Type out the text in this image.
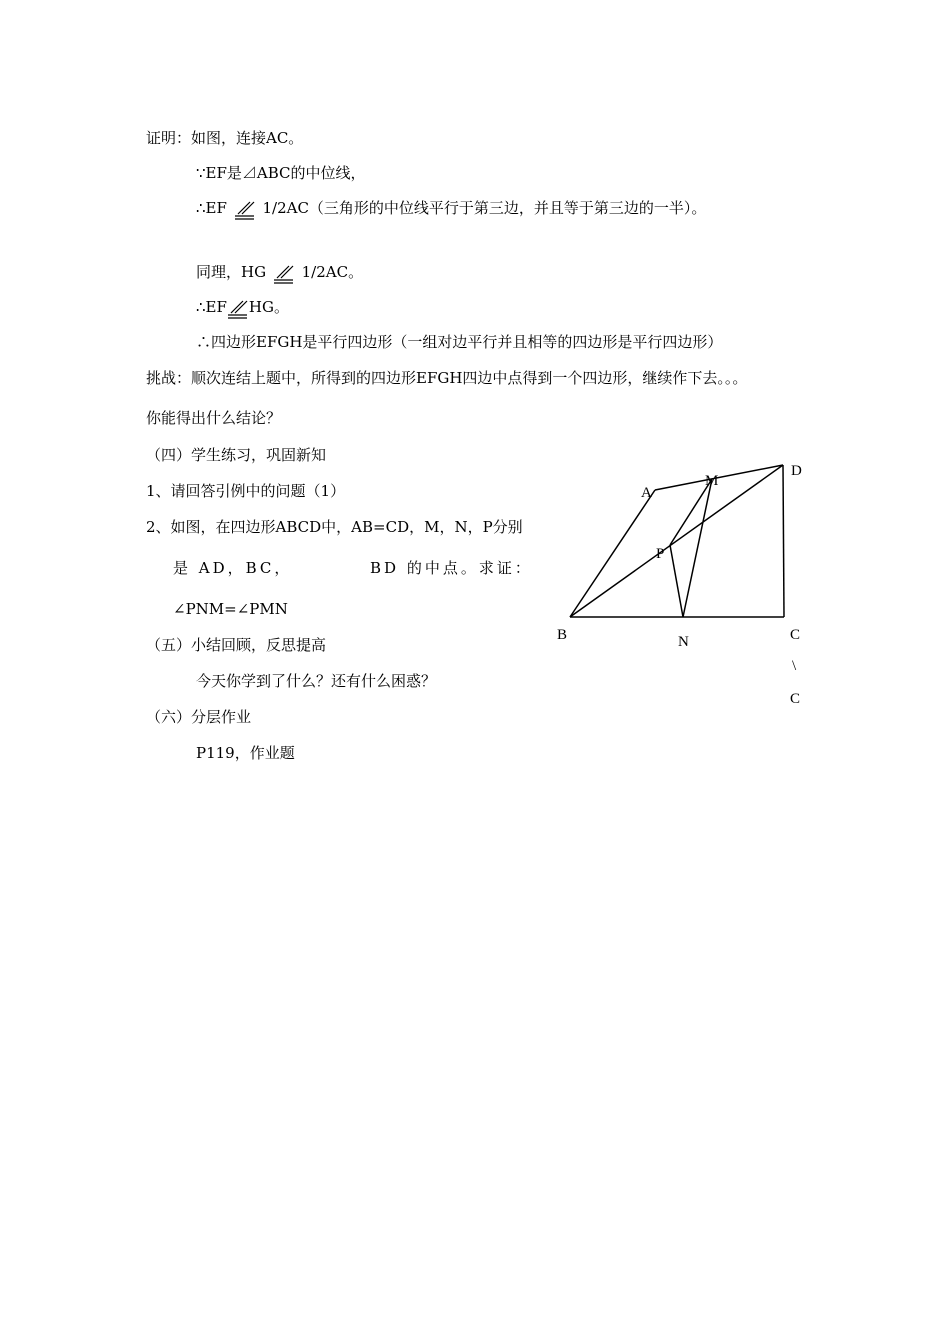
证明：如图，连接AC。
∵EF是⊿ABC的中位线，
∴EF 1/2AC（三角形的中位线平行于第三边，并且等于第三边的一半）。
同理，HG 1/2AC。
∴EF HG。
∴四边形EFGH是平行四边形（一组对边平行并且相等的四边形是平行四边形）
挑战：顺次连结上题中，所得到的四边形EFGH四边中点得到一个四边形，继续作下去。。。
你能得出什么结论？
（四）学生练习，巩固新知
1、请回答引例中的问题（1）
2、如图，在四边形ABCD中，AB=CD，M，N，P分别
是 AD，BC，	BD 的中点。求证：
∠PNM=∠PMN
（五）小结回顾，反思提高
今天你学到了什么？还有什么困惑？
（六）分层作业
P119，作业题
A
M
D
P
B	N	C
\
C
